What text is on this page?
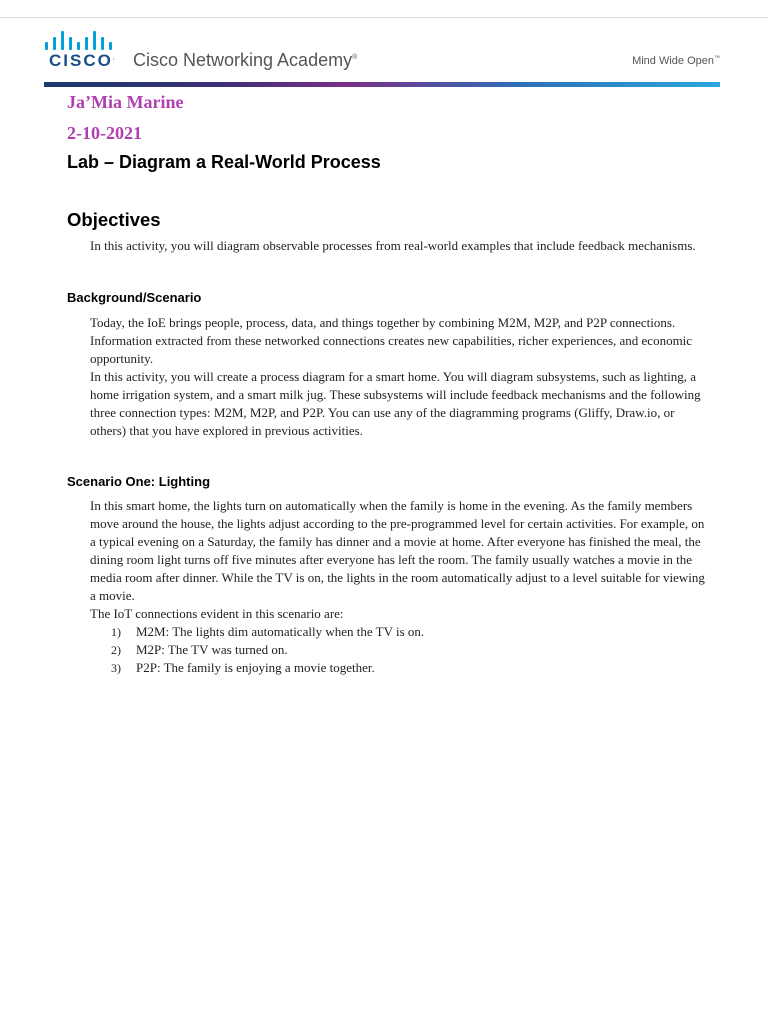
CISCO. Cisco Networking Academy®	Mind Wide Open™
Ja’Mia Marine
2-10-2021
Lab – Diagram a Real-World Process
Objectives

In this activity, you will diagram observable processes from real-world examples that include feedback mechanisms.

Background/Scenario

Today, the IoE brings people, process, data, and things together by combining M2M, M2P, and P2P connections. Information extracted from these networked connections creates new capabilities, richer experiences, and economic opportunity.

In this activity, you will create a process diagram for a smart home. You will diagram subsystems, such as lighting, a home irrigation system, and a smart milk jug. These subsystems will include feedback mechanisms and the following three connection types: M2M, M2P, and P2P. You can use any of the diagramming programs (Gliffy, Draw.io, or others) that you have explored in previous activities.

Scenario One: Lighting

In this smart home, the lights turn on automatically when the family is home in the evening. As the family members move around the house, the lights adjust according to the pre-programmed level for certain activities. For example, on a typical evening on a Saturday, the family has dinner and a movie at home. After everyone has finished the meal, the dining room light turns off five minutes after everyone has left the room. The family usually watches a movie in the media room after dinner. While the TV is on, the lights in the room automatically adjust to a level suitable for viewing a movie.

The IoT connections evident in this scenario are:

1) M2M: The lights dim automatically when the TV is on.
2) M2P: The TV was turned on.
3) P2P: The family is enjoying a movie together.
